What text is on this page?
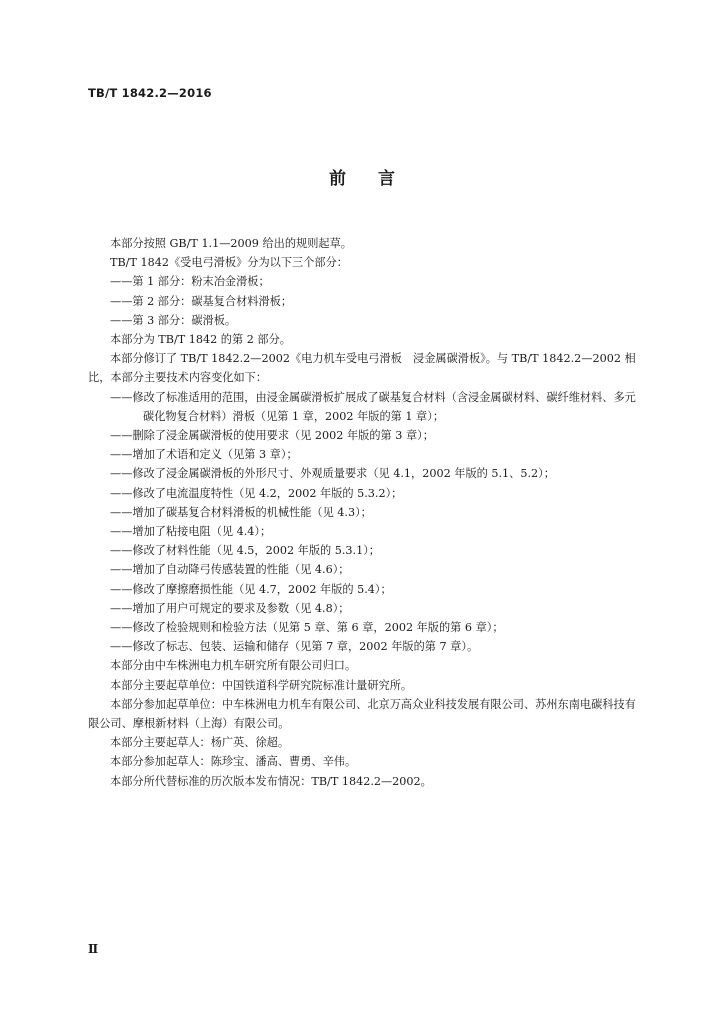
TB/T 1842.2—2016
前言

本部分按照 GB/T 1.1—2009 给出的规则起草。

TB/T 1842《受电弓滑板》分为以下三个部分：

——第 1 部分：粉末冶金滑板；

——第 2 部分：碳基复合材料滑板；

——第 3 部分：碳滑板。

本部分为 TB/T 1842 的第 2 部分。

本部分修订了 TB/T 1842.2—2002《电力机车受电弓滑板　浸金属碳滑板》。与 TB/T 1842.2—2002 相比，本部分主要技术内容变化如下：

——修改了标准适用的范围，由浸金属碳滑板扩展成了碳基复合材料（含浸金属碳材料、碳纤维材料、多元碳化物复合材料）滑板（见第 1 章，2002 年版的第 1 章）；

——删除了浸金属碳滑板的使用要求（见 2002 年版的第 3 章）；

——增加了术语和定义（见第 3 章）；

——修改了浸金属碳滑板的外形尺寸、外观质量要求（见 4.1，2002 年版的 5.1、5.2）；

——修改了电流温度特性（见 4.2，2002 年版的 5.3.2）；

——增加了碳基复合材料滑板的机械性能（见 4.3）；

——增加了粘接电阻（见 4.4）；

——修改了材料性能（见 4.5，2002 年版的 5.3.1）；

——增加了自动降弓传感装置的性能（见 4.6）；

——修改了摩擦磨损性能（见 4.7，2002 年版的 5.4）；

——增加了用户可规定的要求及参数（见 4.8）；

——修改了检验规则和检验方法（见第 5 章、第 6 章，2002 年版的第 6 章）；

——修改了标志、包装、运输和储存（见第 7 章，2002 年版的第 7 章）。

本部分由中车株洲电力机车研究所有限公司归口。

本部分主要起草单位：中国铁道科学研究院标准计量研究所。

本部分参加起草单位：中车株洲电力机车有限公司、北京万高众业科技发展有限公司、苏州东南电碳科技有限公司、摩根新材料（上海）有限公司。

本部分主要起草人：杨广英、徐超。

本部分参加起草人：陈珍宝、潘高、曹勇、辛伟。

本部分所代替标准的历次版本发布情况：TB/T 1842.2—2002。

Ⅱ
